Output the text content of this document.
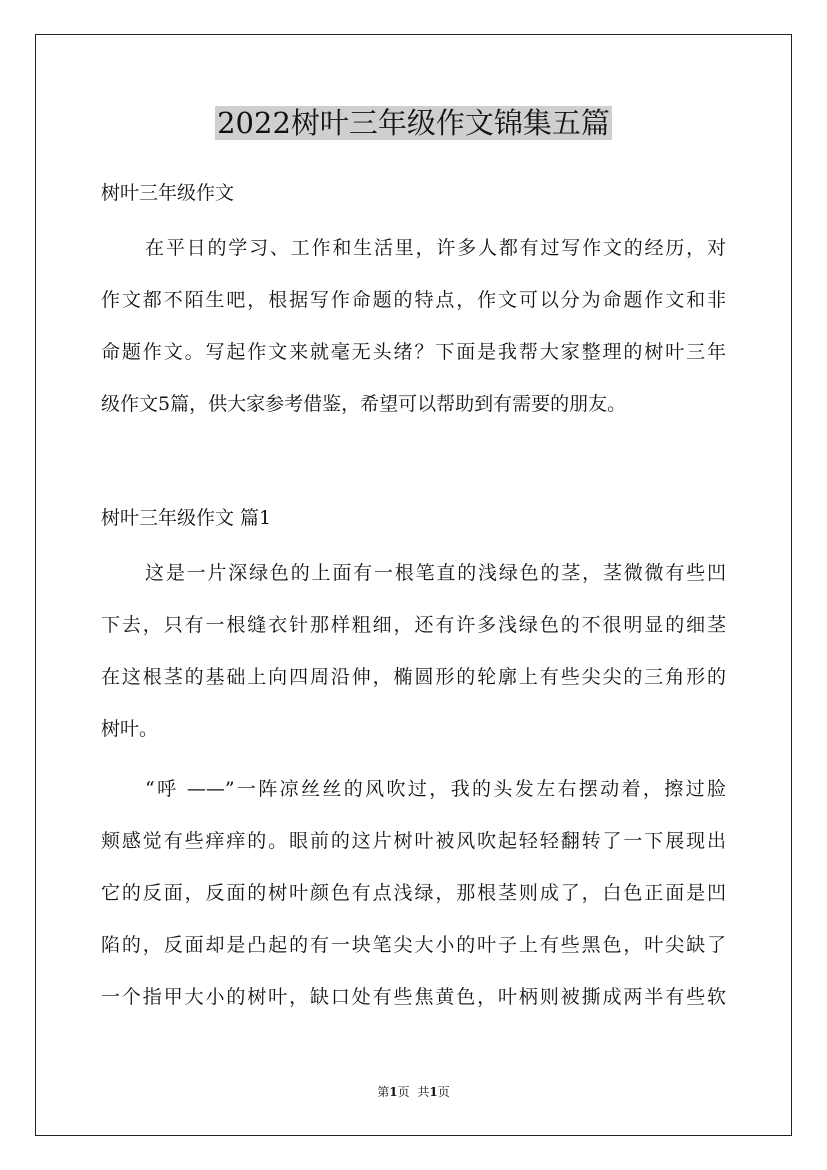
2022树叶三年级作文锦集五篇
树叶三年级作文
在平日的学习、工作和生活里，许多人都有过写作文的经历，对
作文都不陌生吧，根据写作命题的特点，作文可以分为命题作文和非
命题作文。写起作文来就毫无头绪？下面是我帮大家整理的树叶三年
级作文5篇，供大家参考借鉴，希望可以帮助到有需要的朋友。
树叶三年级作文 篇1
这是一片深绿色的上面有一根笔直的浅绿色的茎，茎微微有些凹
下去，只有一根缝衣针那样粗细，还有许多浅绿色的不很明显的细茎
在这根茎的基础上向四周沿伸，椭圆形的轮廓上有些尖尖的三角形的
树叶。
“呼 ——”一阵凉丝丝的风吹过，我的头发左右摆动着，擦过脸
颊感觉有些痒痒的。眼前的这片树叶被风吹起轻轻翻转了一下展现出
它的反面，反面的树叶颜色有点浅绿，那根茎则成了，白色正面是凹
陷的，反面却是凸起的有一块笔尖大小的叶子上有些黑色，叶尖缺了
一个指甲大小的树叶，缺口处有些焦黄色，叶柄则被撕成两半有些软
第1页 共1页
